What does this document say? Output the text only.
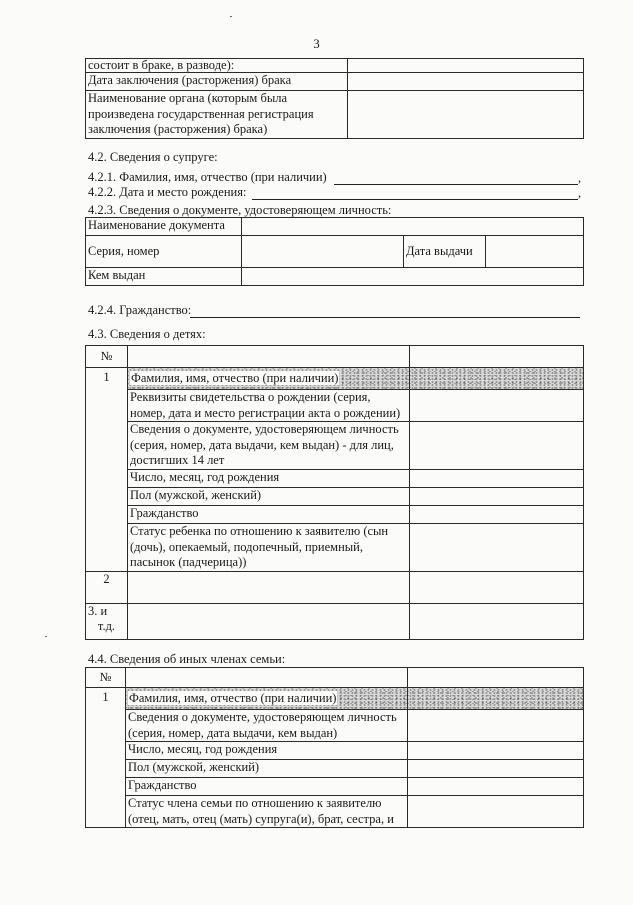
3
состоит в браке, в разводе):	
Дата заключения (расторжения) брака	
Наименование органа (которым была произведена государственная регистрация заключения (расторжения) брака)	
4.2. Сведения о супруге:
4.2.1. Фамилия, имя, отчество (при наличии)	,
4.2.2. Дата и место рождения:	,
4.2.3. Сведения о документе, удостоверяющем личность:
Наименование документа			
Серия, номер		Дата выдачи	
Кем выдан			
4.2.4. Гражданство:
4.3. Сведения о детях:
№		
1	Фамилия, имя, отчество (при наличии)	
	Реквизиты свидетельства о рождении (серия, номер, дата и место регистрации акта о рождении)	
	Сведения о документе, удостоверяющем личность (серия, номер, дата выдачи, кем выдан) - для лиц, достигших 14 лет	
	Число, месяц, год рождения	
	Пол (мужской, женский)	
	Гражданство	
	Статус ребенка по отношению к заявителю (сын (дочь), опекаемый, подопечный, приемный, пасынок (падчерица))	
2		

3. и
т.д.		

4.4. Сведения об иных членах семьи:
№		
1	Фамилия, имя, отчество (при наличии)	
	Сведения о документе, удостоверяющем личность (серия, номер, дата выдачи, кем выдан)	
	Число, месяц, год рождения	
	Пол (мужской, женский)	
	Гражданство	
	Статус члена семьи по отношению к заявителю (отец, мать, отец (мать) супруга(и), брат, сестра, и	
